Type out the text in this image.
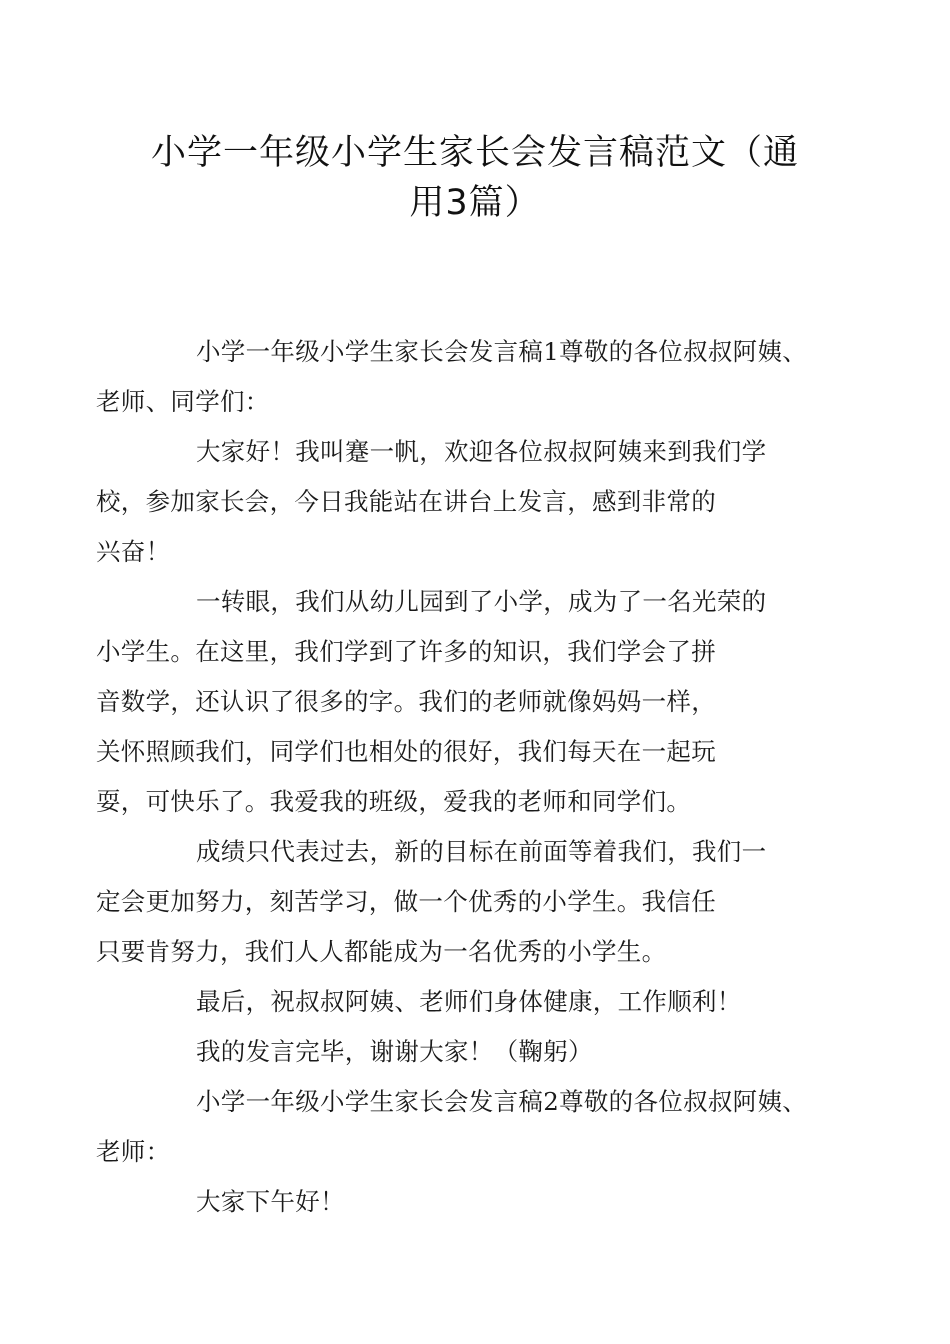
小学一年级小学生家长会发言稿范文（通
用3篇）

小学一年级小学生家长会发言稿1尊敬的各位叔叔阿姨、
老师、同学们：

大家好！我叫蹇一帆，欢迎各位叔叔阿姨来到我们学
校，参加家长会，今日我能站在讲台上发言，感到非常的
兴奋！

一转眼，我们从幼儿园到了小学，成为了一名光荣的
小学生。在这里，我们学到了许多的知识，我们学会了拼
音数学，还认识了很多的字。我们的老师就像妈妈一样，
关怀照顾我们，同学们也相处的很好，我们每天在一起玩
耍，可快乐了。我爱我的班级，爱我的老师和同学们。

成绩只代表过去，新的目标在前面等着我们，我们一
定会更加努力，刻苦学习，做一个优秀的小学生。我信任
只要肯努力，我们人人都能成为一名优秀的小学生。

最后，祝叔叔阿姨、老师们身体健康，工作顺利！

我的发言完毕，谢谢大家！（鞠躬）

小学一年级小学生家长会发言稿2尊敬的各位叔叔阿姨、
老师：

大家下午好！
